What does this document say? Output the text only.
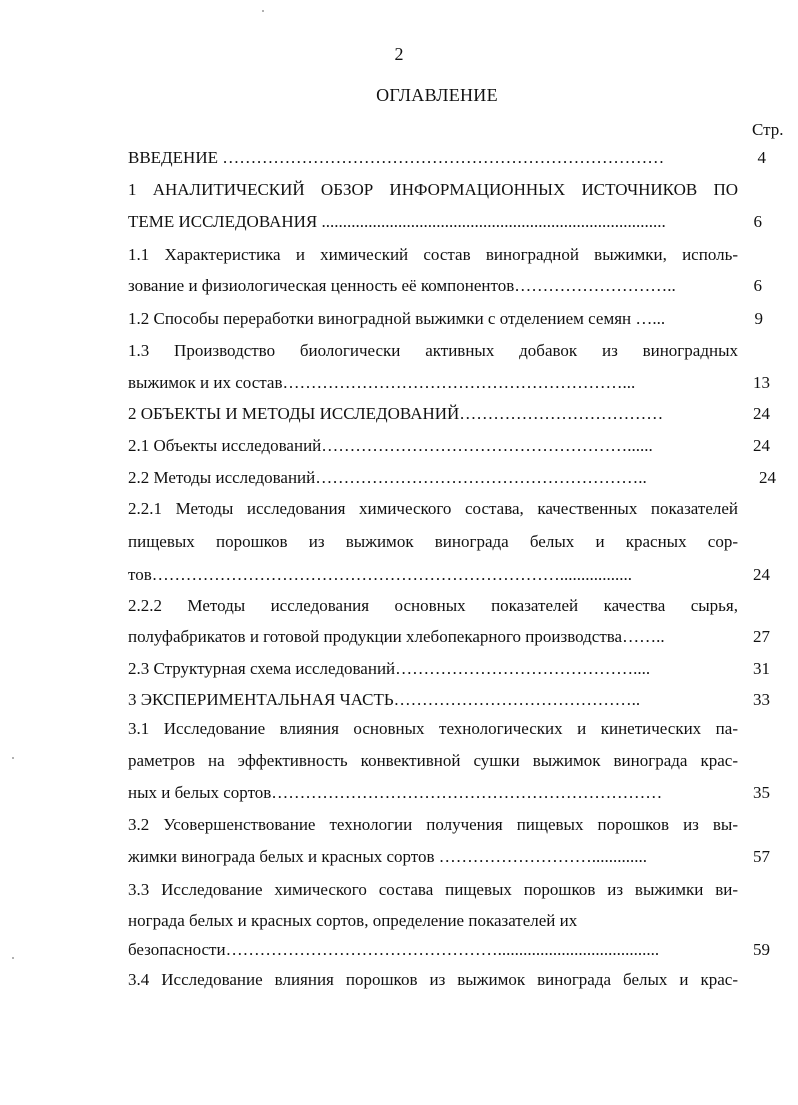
2
ОГЛАВЛЕНИЕ
Стр.
ВВЕДЕНИЕ ……………………………………………………………………
1 АНАЛИТИЧЕСКИЙ ОБЗОР ИНФОРМАЦИОННЫХ ИСТОЧНИКОВ ПО
ТЕМЕ ИССЛЕДОВАНИЯ .................................................................................
1.1 Характеристика и химический состав виноградной выжимки, исполь-
зование и физиологическая ценность её компонентов………………………..
1.2 Способы переработки виноградной выжимки с отделением семян …...
1.3 Производство биологически активных добавок из виноградных
выжимок и их состав……………………………………………………...
2 ОБЪЕКТЫ И МЕТОДЫ ИССЛЕДОВАНИЙ………………………………
2.1 Объекты исследований………………………………………………......
2.2 Методы исследований…………………………………………………..
2.2.1 Методы исследования химического состава, качественных показателей
пищевых порошков из выжимок винограда белых и красных сор-
тов……………………………………………………………….................
2.2.2 Методы исследования основных показателей качества сырья,
полуфабрикатов и готовой продукции хлебопекарного производства……..
2.3 Структурная схема исследований……………………………………....
3 ЭКСПЕРИМЕНТАЛЬНАЯ ЧАСТЬ……………………………………..
3.1 Исследование влияния основных технологических и кинетических па-
раметров на эффективность конвективной сушки выжимок винограда крас-
ных и белых сортов……………………………………………………………
3.2 Усовершенствование технологии получения пищевых порошков из вы-
жимки винограда белых и красных сортов ……………………….............
3.3 Исследование химического состава пищевых порошков из выжимки ви-
нограда белых и красных сортов, определение показателей их
безопасности…………………………………………......................................
3.4 Исследование влияния порошков из выжимок винограда белых и крас-
4
6
6
9
13
24
24
24
24
27
31
33
35
57
59
